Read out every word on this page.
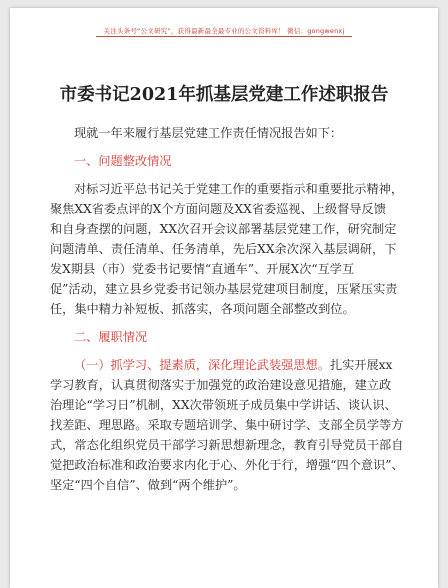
关注头条号“公文研究”，获得最新最全最专业的公文资料库！ 微信：gongwenxj
市委书记2021年抓基层党建工作述职报告
现就一年来履行基层党建工作责任情况报告如下：
一、问题整改情况
对标习近平总书记关于党建工作的重要指示和重要批示精神，
聚焦XX省委点评的X个方面问题及XX省委巡视、上级督导反馈
和自身查摆的问题，XX次召开会议部署基层党建工作，研究制定
问题清单、责任清单、任务清单，先后XX余次深入基层调研，下
发X期县（市）党委书记要情“直通车”、开展X次“互学互
促”活动，建立县乡党委书记领办基层党建项目制度，压紧压实责
任，集中精力补短板、抓落实，各项问题全部整改到位。
二、履职情况
（一）抓学习、提素质，深化理论武装强思想。扎实开展xx
学习教育，认真贯彻落实于加强党的政治建设意见措施，建立政
治理论“学习日”机制，XX次带领班子成员集中学讲话、谈认识、
找差距、理思路。采取专题培训学、集中研讨学、支部全员学等方
式，常态化组织党员干部学习新思想新理念，教育引导党员干部自
觉把政治标准和政治要求内化于心、外化于行，增强“四个意识”、
坚定“四个自信”、做到“两个维护”。
